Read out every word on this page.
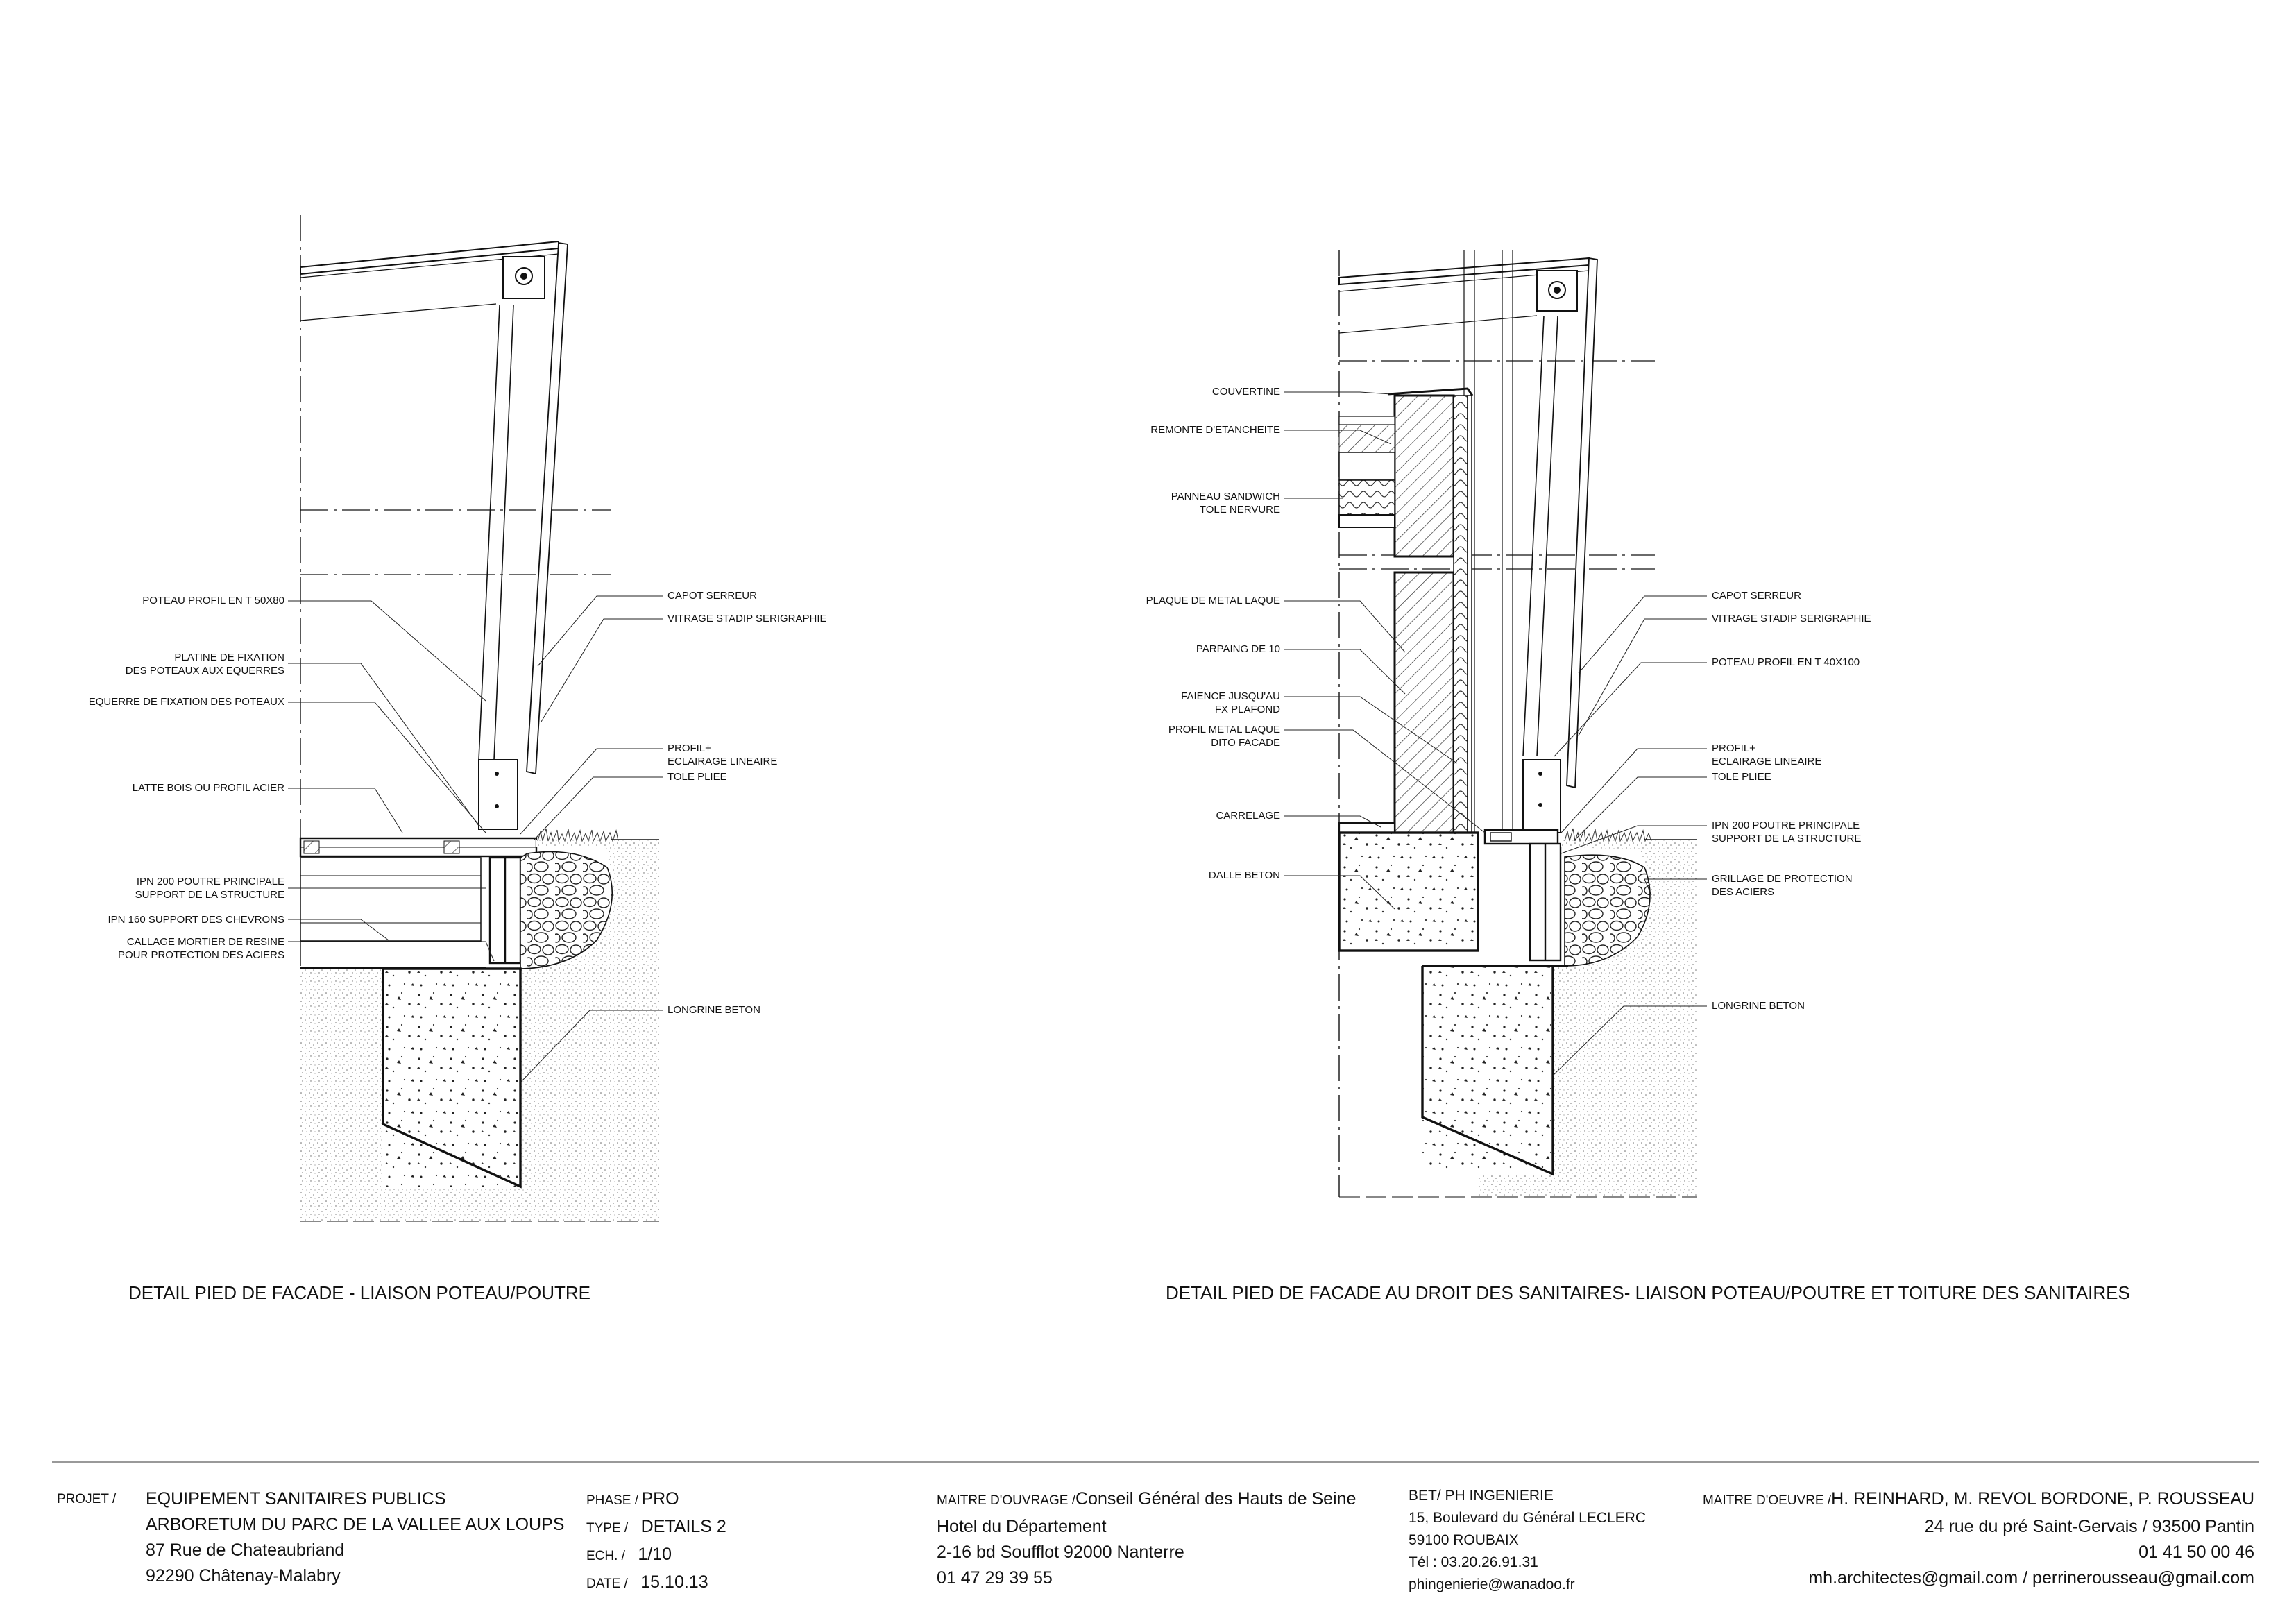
POTEAU PROFIL EN T 50X80
PLATINE DE FIXATION
DES POTEAUX AUX EQUERRES
EQUERRE DE FIXATION DES POTEAUX
LATTE BOIS OU PROFIL ACIER
IPN 200 POUTRE PRINCIPALE
SUPPORT DE LA STRUCTURE
IPN 160 SUPPORT DES CHEVRONS
CALLAGE MORTIER DE RESINE
POUR PROTECTION DES ACIERS
CAPOT SERREUR
VITRAGE STADIP SERIGRAPHIE
PROFIL+
ECLAIRAGE LINEAIRE
TOLE PLIEE
LONGRINE BETON
COUVERTINE
REMONTE D'ETANCHEITE
PANNEAU SANDWICH
TOLE NERVURE
PLAQUE DE METAL LAQUE
PARPAING DE 10
FAIENCE JUSQU'AU
FX PLAFOND
PROFIL METAL LAQUE
DITO FACADE
CARRELAGE
DALLE BETON
CAPOT SERREUR
VITRAGE STADIP SERIGRAPHIE
POTEAU PROFIL EN T 40X100
PROFIL+
ECLAIRAGE LINEAIRE
TOLE PLIEE
IPN 200 POUTRE PRINCIPALE
SUPPORT DE LA STRUCTURE
GRILLAGE DE PROTECTION
DES ACIERS
LONGRINE BETON
DETAIL PIED DE FACADE - LIAISON POTEAU/POUTRE	DETAIL PIED DE FACADE AU DROIT DES SANITAIRES- LIAISON POTEAU/POUTRE ET TOITURE DES SANITAIRES
PROJET / EQUIPEMENT SANITAIRES PUBLICS
ARBORETUM DU PARC DE LA VALLEE AUX LOUPS
87 Rue de Chateaubriand
92290 Châtenay-Malabry
PHASE / PRO
TYPE / DETAILS 2
ECH. / 1/10
DATE / 15.10.13
MAITRE D'OUVRAGE /Conseil Général des Hauts de Seine
Hotel du Département
2-16 bd Soufflot 92000 Nanterre
01 47 29 39 55
BET/ PH INGENIERIE
15, Boulevard du Général LECLERC
59100 ROUBAIX
Tél : 03.20.26.91.31
phingenierie@wanadoo.fr
MAITRE D'OEUVRE /H. REINHARD, M. REVOL BORDONE, P. ROUSSEAU
24 rue du pré Saint-Gervais / 93500 Pantin
01 41 50 00 46
mh.architectes@gmail.com / perrinerousseau@gmail.com
